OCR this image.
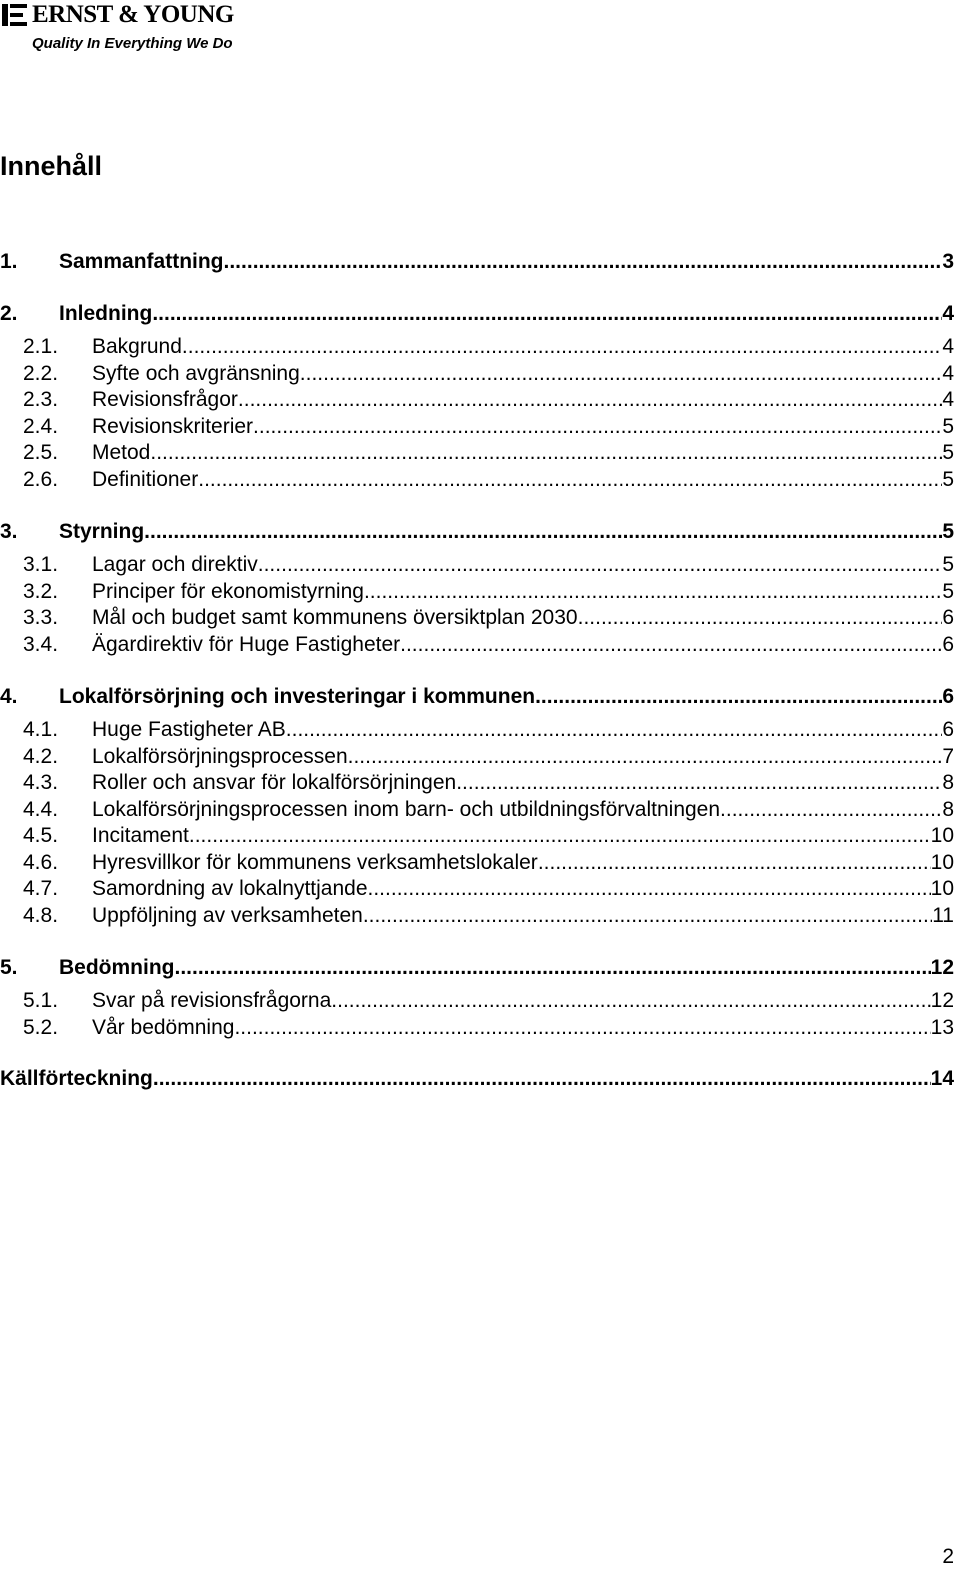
ERNST & YOUNG
Quality In Everything We Do
Innehåll
1.	Sammanfattning .....	3
2.	Inledning .....	4
2.1.	Bakgrund .....	4
2.2.	Syfte och avgränsning .....	4
2.3.	Revisionsfrågor .....	4
2.4.	Revisionskriterier .....	5
2.5.	Metod .....	5
2.6.	Definitioner .....	5
3.	Styrning .....	5
3.1.	Lagar och direktiv .....	5
3.2.	Principer för ekonomistyrning .....	5
3.3.	Mål och budget samt kommunens översiktplan 2030 .....	6
3.4.	Ägardirektiv för Huge Fastigheter .....	6
4.	Lokalförsörjning och investeringar i kommunen .....	6
4.1.	Huge Fastigheter AB .....	6
4.2.	Lokalförsörjningsprocessen .....	7
4.3.	Roller och ansvar för lokalförsörjningen .....	8
4.4.	Lokalförsörjningsprocessen inom barn- och utbildningsförvaltningen .....	8
4.5.	Incitament .....	10
4.6.	Hyresvillkor för kommunens verksamhetslokaler .....	10
4.7.	Samordning av lokalnyttjande .....	10
4.8.	Uppföljning av verksamheten .....	11
5.	Bedömning .....	12
5.1.	Svar på revisionsfrågorna .....	12
5.2.	Vår bedömning .....	13
Källförteckning .....	14
2
